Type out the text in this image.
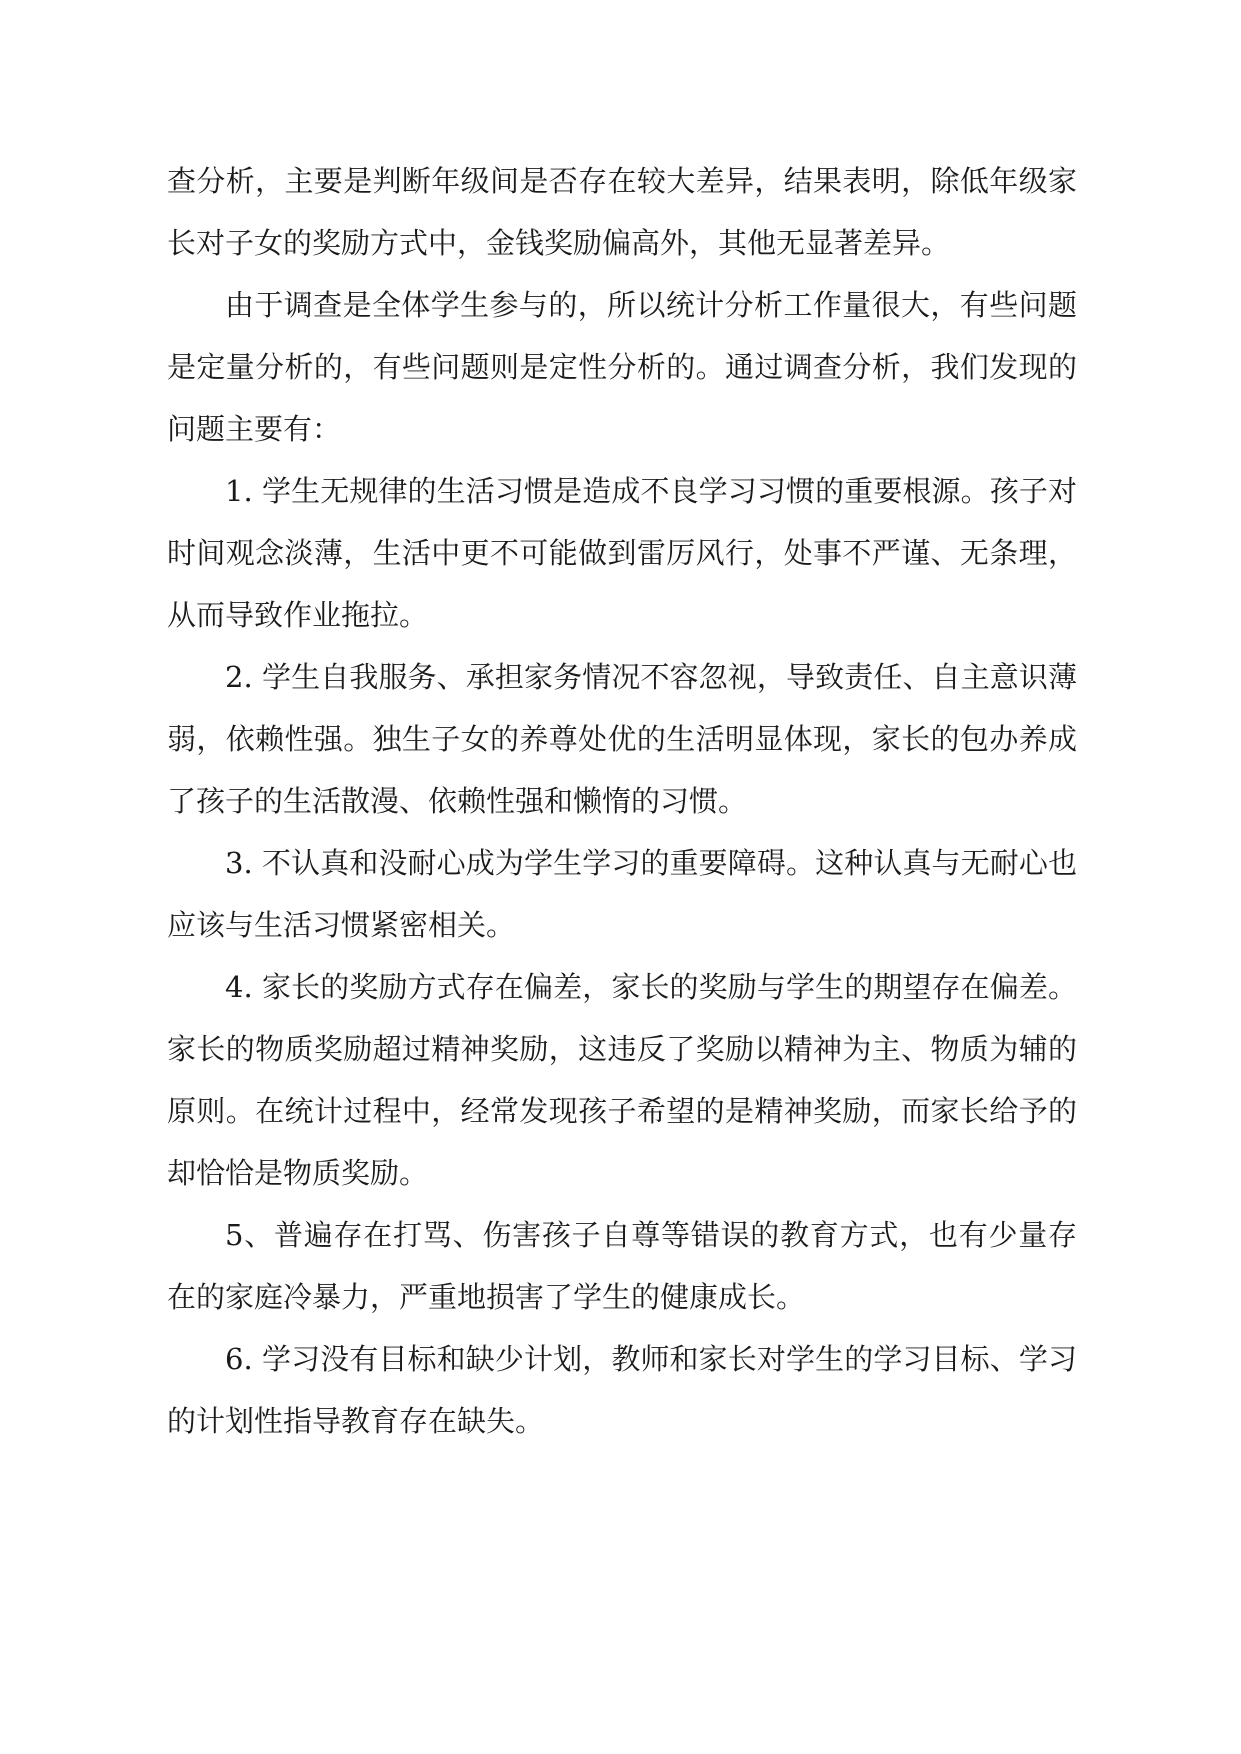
查分析，主要是判断年级间是否存在较大差异，结果表明，除低年级家长对子女的奖励方式中，金钱奖励偏高外，其他无显著差异。

由于调查是全体学生参与的，所以统计分析工作量很大，有些问题是定量分析的，有些问题则是定性分析的。通过调查分析，我们发现的问题主要有：

1. 学生无规律的生活习惯是造成不良学习习惯的重要根源。孩子对时间观念淡薄，生活中更不可能做到雷厉风行，处事不严谨、无条理，从而导致作业拖拉。

2. 学生自我服务、承担家务情况不容忽视，导致责任、自主意识薄弱，依赖性强。独生子女的养尊处优的生活明显体现，家长的包办养成了孩子的生活散漫、依赖性强和懒惰的习惯。

3. 不认真和没耐心成为学生学习的重要障碍。这种认真与无耐心也应该与生活习惯紧密相关。

4. 家长的奖励方式存在偏差，家长的奖励与学生的期望存在偏差。家长的物质奖励超过精神奖励，这违反了奖励以精神为主、物质为辅的原则。在统计过程中，经常发现孩子希望的是精神奖励，而家长给予的却恰恰是物质奖励。

5、普遍存在打骂、伤害孩子自尊等错误的教育方式，也有少量存在的家庭冷暴力，严重地损害了学生的健康成长。

6. 学习没有目标和缺少计划，教师和家长对学生的学习目标、学习的计划性指导教育存在缺失。
